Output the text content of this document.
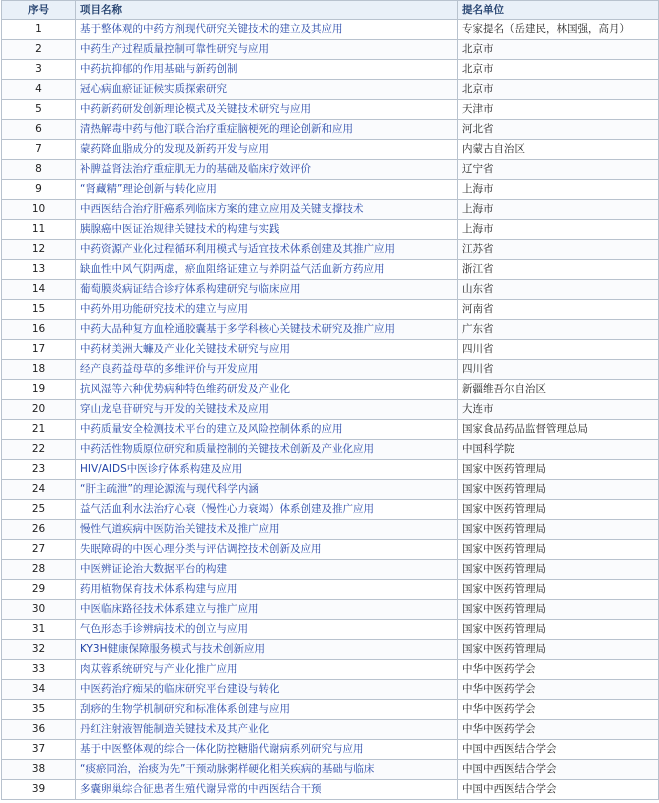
序号	项目名称	提名单位
1	基于整体观的中药方剂现代研究关键技术的建立及其应用	专家提名（岳建民，林国强，高月）
2	中药生产过程质量控制可靠性研究与应用	北京市
3	中药抗抑郁的作用基础与新药创制	北京市
4	冠心病血瘀证证候实质探索研究	北京市
5	中药新药研发创新理论模式及关键技术研究与应用	天津市
6	清热解毒中药与他汀联合治疗重症脑梗死的理论创新和应用	河北省
7	蒙药降血脂成分的发现及新药开发与应用	内蒙古自治区
8	补脾益肾法治疗重症肌无力的基础及临床疗效评价	辽宁省
9	“肾藏精”理论创新与转化应用	上海市
10	中西医结合治疗肝癌系列临床方案的建立应用及关键支撑技术	上海市
11	胰腺癌中医证治规律关键技术的构建与实践	上海市
12	中药资源产业化过程循环利用模式与适宜技术体系创建及其推广应用	江苏省
13	缺血性中风气阴两虚，瘀血阻络证建立与养阴益气活血新方药应用	浙江省
14	葡萄膜炎病证结合诊疗体系构建研究与临床应用	山东省
15	中药外用功能研究技术的建立与应用	河南省
16	中药大品种复方血栓通胶囊基于多学科核心关键技术研究及推广应用	广东省
17	中药材美洲大蠊及产业化关键技术研究与应用	四川省
18	经产良药益母草的多维评价与开发应用	四川省
19	抗风湿等六种优势病种特色维药研发及产业化	新疆维吾尔自治区
20	穿山龙皂苷研究与开发的关键技术及应用	大连市
21	中药质量安全检测技术平台的建立及风险控制体系的应用	国家食品药品监督管理总局
22	中药活性物质原位研究和质量控制的关键技术创新及产业化应用	中国科学院
23	HIV/AIDS中医诊疗体系构建及应用	国家中医药管理局
24	“肝主疏泄”的理论源流与现代科学内涵	国家中医药管理局
25	益气活血利水法治疗心衰（慢性心力衰竭）体系创建及推广应用	国家中医药管理局
26	慢性气道疾病中医防治关键技术及推广应用	国家中医药管理局
27	失眠障碍的中医心理分类与评估调控技术创新及应用	国家中医药管理局
28	中医辨证论治大数据平台的构建	国家中医药管理局
29	药用植物保育技术体系构建与应用	国家中医药管理局
30	中医临床路径技术体系建立与推广应用	国家中医药管理局
31	气色形态手诊辨病技术的创立与应用	国家中医药管理局
32	KY3H健康保障服务模式与技术创新应用	国家中医药管理局
33	肉苁蓉系统研究与产业化推广应用	中华中医药学会
34	中医药治疗痴呆的临床研究平台建设与转化	中华中医药学会
35	刮痧的生物学机制研究和标准体系创建与应用	中华中医药学会
36	丹红注射液智能制造关键技术及其产业化	中华中医药学会
37	基于中医整体观的综合一体化防控糖脂代谢病系列研究与应用	中国中西医结合学会
38	“痰瘀同治，治痰为先”干预动脉粥样硬化相关疾病的基础与临床	中国中西医结合学会
39	多囊卵巢综合征患者生殖代谢异常的中西医结合干预	中国中西医结合学会
